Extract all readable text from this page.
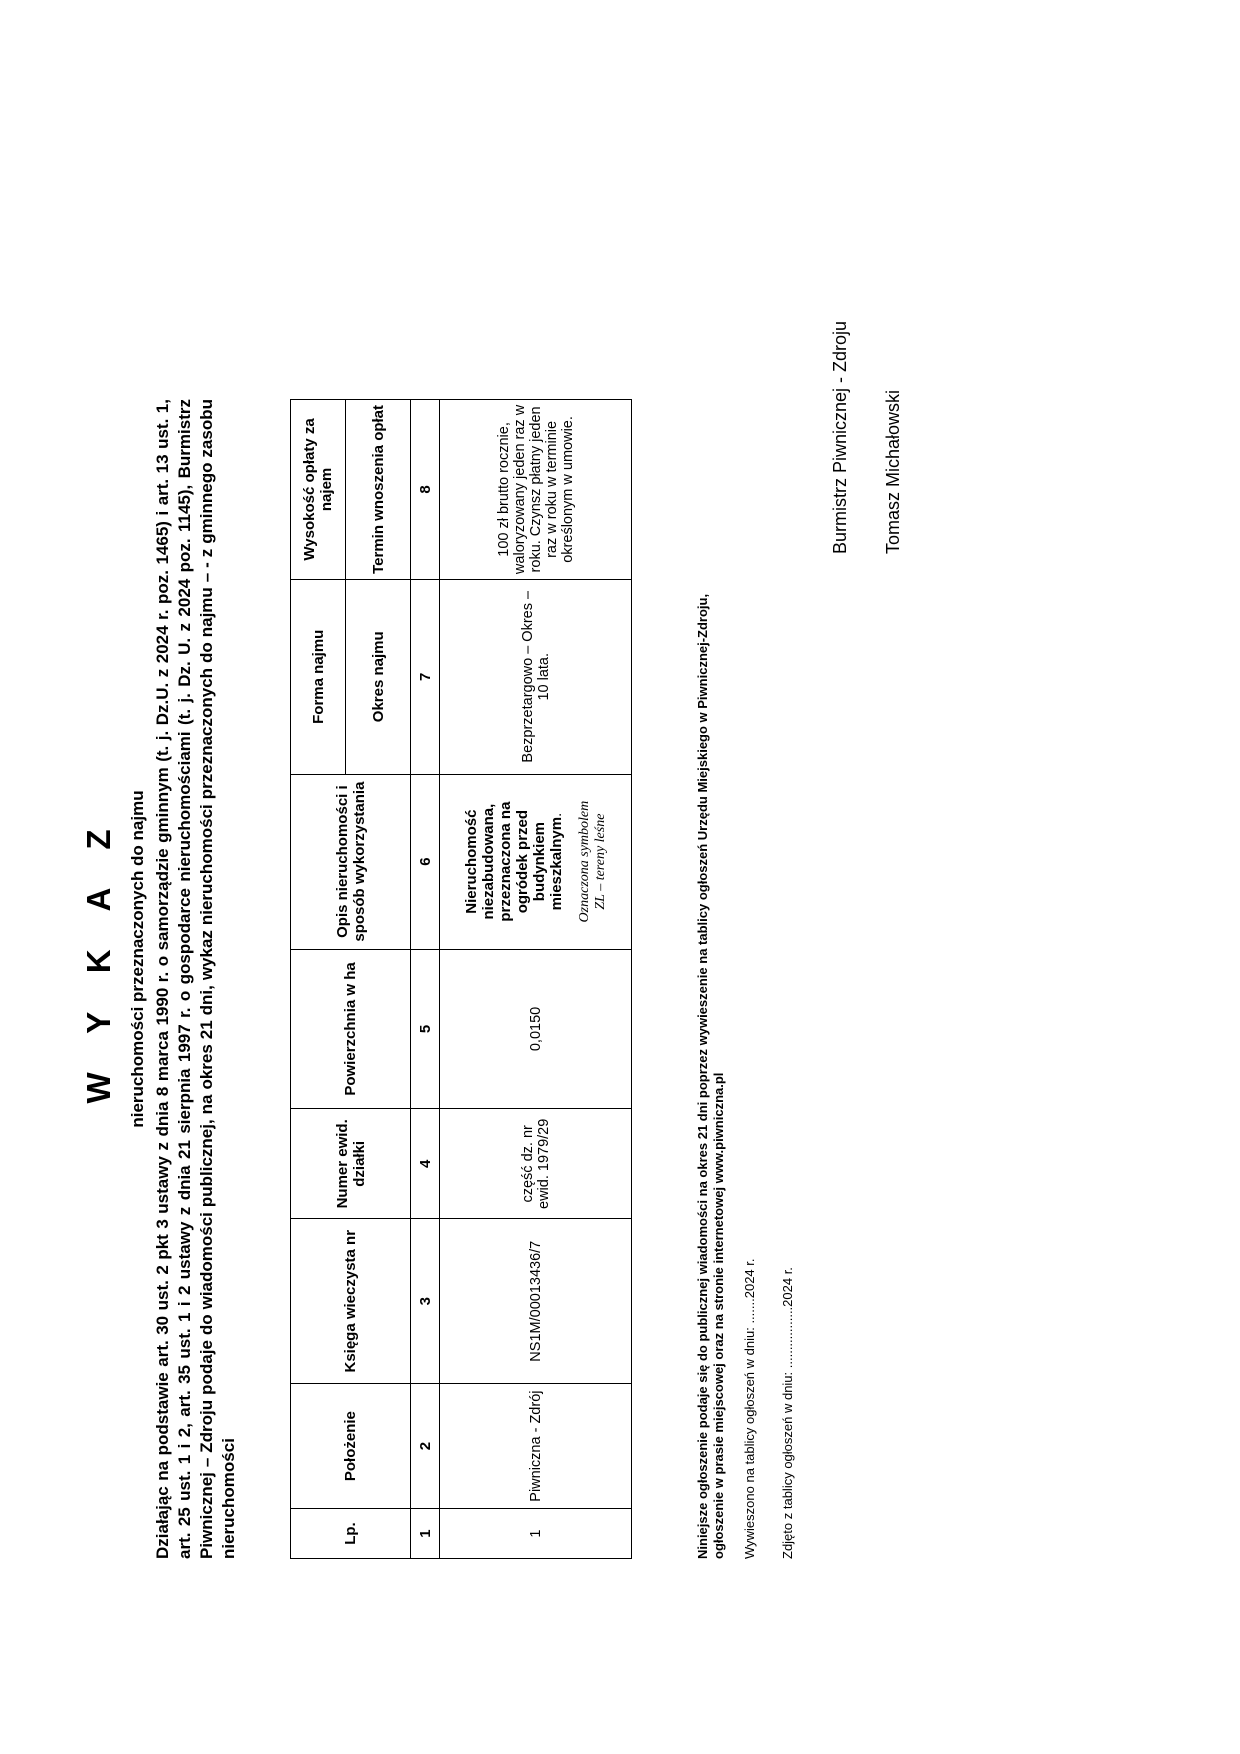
W Y K A Z nieruchomości przeznaczonych do najmu Działając na podstawie art. 30 ust. 2 pkt 3 ustawy z dnia 8 marca 1990 r. o samorządzie gminnym (t. j. Dz.U. z 2024 r. poz. 1465) i art. 13 ust. 1, art. 25 ust. 1 i 2, art. 35 ust. 1 i 2 ustawy z dnia 21 sierpnia 1997 r. o gospodarce nieruchomościami (t. j. Dz. U. z 2024 poz. 1145), Burmistrz Piwnicznej – Zdroju podaje do wiadomości publicznej, na okres 21 dni, wykaz nieruchomości przeznaczonych do najmu – - z gminnego zasobu nieruchomości	Lp.	Położenie	Księga wieczysta nr	Numer ewid. działki	Powierzchnia w ha	Opis nieruchomości i sposób wykorzystania	Forma najmu	Wysokość opłaty za najem
						Okres najmu	Termin wnoszenia opłat
1	2	3	4	5	6	7	8
1	Piwniczna - Zdrój	NS1M/00013436/7	część dz. nr ewid. 1979/29	0,0150	Nieruchomość niezabudowana, przeznaczona na ogródek przed budynkiem mieszkalnym. Oznaczona symbolem ZL – tereny leśne	Bezprzetargowo – Okres – 10 lata.	100 zł brutto rocznie, waloryzowany jeden raz w roku. Czynsz płatny jeden raz w roku w terminie określonym w umowie.
Niniejsze ogłoszenie podaje się do publicznej wiadomości na okres 21 dni poprzez wywieszenie na tablicy ogłoszeń Urzędu Miejskiego w Piwnicznej-Zdroju, ogłoszenie w prasie miejscowej oraz na stronie internetowej www.piwniczna.pl Wywieszono na tablicy ogłoszeń w dniu: .......2024 r. Zdjęto z tablicy ogłoszeń w dniu: .................2024 r.
Burmistrz Piwnicznej - Zdroju Tomasz Michałowski
